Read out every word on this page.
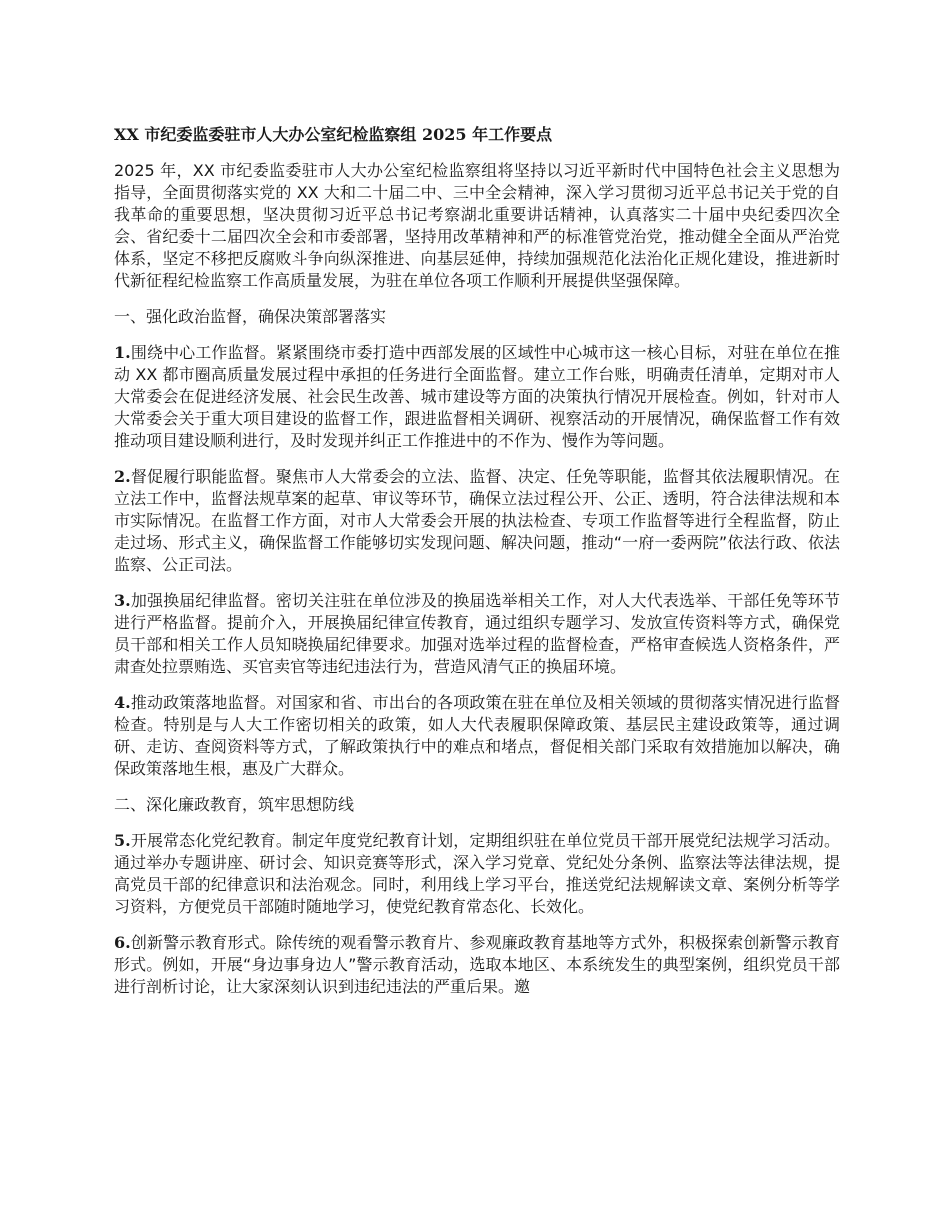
XX 市纪委监委驻市人大办公室纪检监察组 2025 年工作要点

2025 年，XX 市纪委监委驻市人大办公室纪检监察组将坚持以习近平新时代中国特色社会主义思想为指导，全面贯彻落实党的 XX 大和二十届二中、三中全会精神，深入学习贯彻习近平总书记关于党的自我革命的重要思想，坚决贯彻习近平总书记考察湖北重要讲话精神，认真落实二十届中央纪委四次全会、省纪委十二届四次全会和市委部署，坚持用改革精神和严的标准管党治党，推动健全全面从严治党体系，坚定不移把反腐败斗争向纵深推进、向基层延伸，持续加强规范化法治化正规化建设，推进新时代新征程纪检监察工作高质量发展，为驻在单位各项工作顺利开展提供坚强保障。

一、强化政治监督，确保决策部署落实

1.围绕中心工作监督。紧紧围绕市委打造中西部发展的区域性中心城市这一核心目标，对驻在单位在推动 XX 都市圈高质量发展过程中承担的任务进行全面监督。建立工作台账，明确责任清单，定期对市人大常委会在促进经济发展、社会民生改善、城市建设等方面的决策执行情况开展检查。例如，针对市人大常委会关于重大项目建设的监督工作，跟进监督相关调研、视察活动的开展情况，确保监督工作有效推动项目建设顺利进行，及时发现并纠正工作推进中的不作为、慢作为等问题。

2.督促履行职能监督。聚焦市人大常委会的立法、监督、决定、任免等职能，监督其依法履职情况。在立法工作中，监督法规草案的起草、审议等环节，确保立法过程公开、公正、透明，符合法律法规和本市实际情况。在监督工作方面，对市人大常委会开展的执法检查、专项工作监督等进行全程监督，防止走过场、形式主义，确保监督工作能够切实发现问题、解决问题，推动“一府一委两院”依法行政、依法监察、公正司法。

3.加强换届纪律监督。密切关注驻在单位涉及的换届选举相关工作，对人大代表选举、干部任免等环节进行严格监督。提前介入，开展换届纪律宣传教育，通过组织专题学习、发放宣传资料等方式，确保党员干部和相关工作人员知晓换届纪律要求。加强对选举过程的监督检查，严格审查候选人资格条件，严肃查处拉票贿选、买官卖官等违纪违法行为，营造风清气正的换届环境。

4.推动政策落地监督。对国家和省、市出台的各项政策在驻在单位及相关领域的贯彻落实情况进行监督检查。特别是与人大工作密切相关的政策，如人大代表履职保障政策、基层民主建设政策等，通过调研、走访、查阅资料等方式，了解政策执行中的难点和堵点，督促相关部门采取有效措施加以解决，确保政策落地生根，惠及广大群众。

二、深化廉政教育，筑牢思想防线

5.开展常态化党纪教育。制定年度党纪教育计划，定期组织驻在单位党员干部开展党纪法规学习活动。通过举办专题讲座、研讨会、知识竞赛等形式，深入学习党章、党纪处分条例、监察法等法律法规，提高党员干部的纪律意识和法治观念。同时，利用线上学习平台，推送党纪法规解读文章、案例分析等学习资料，方便党员干部随时随地学习，使党纪教育常态化、长效化。

6.创新警示教育形式。除传统的观看警示教育片、参观廉政教育基地等方式外，积极探索创新警示教育形式。例如，开展“身边事身边人”警示教育活动，选取本地区、本系统发生的典型案例，组织党员干部进行剖析讨论，让大家深刻认识到违纪违法的严重后果。邀
